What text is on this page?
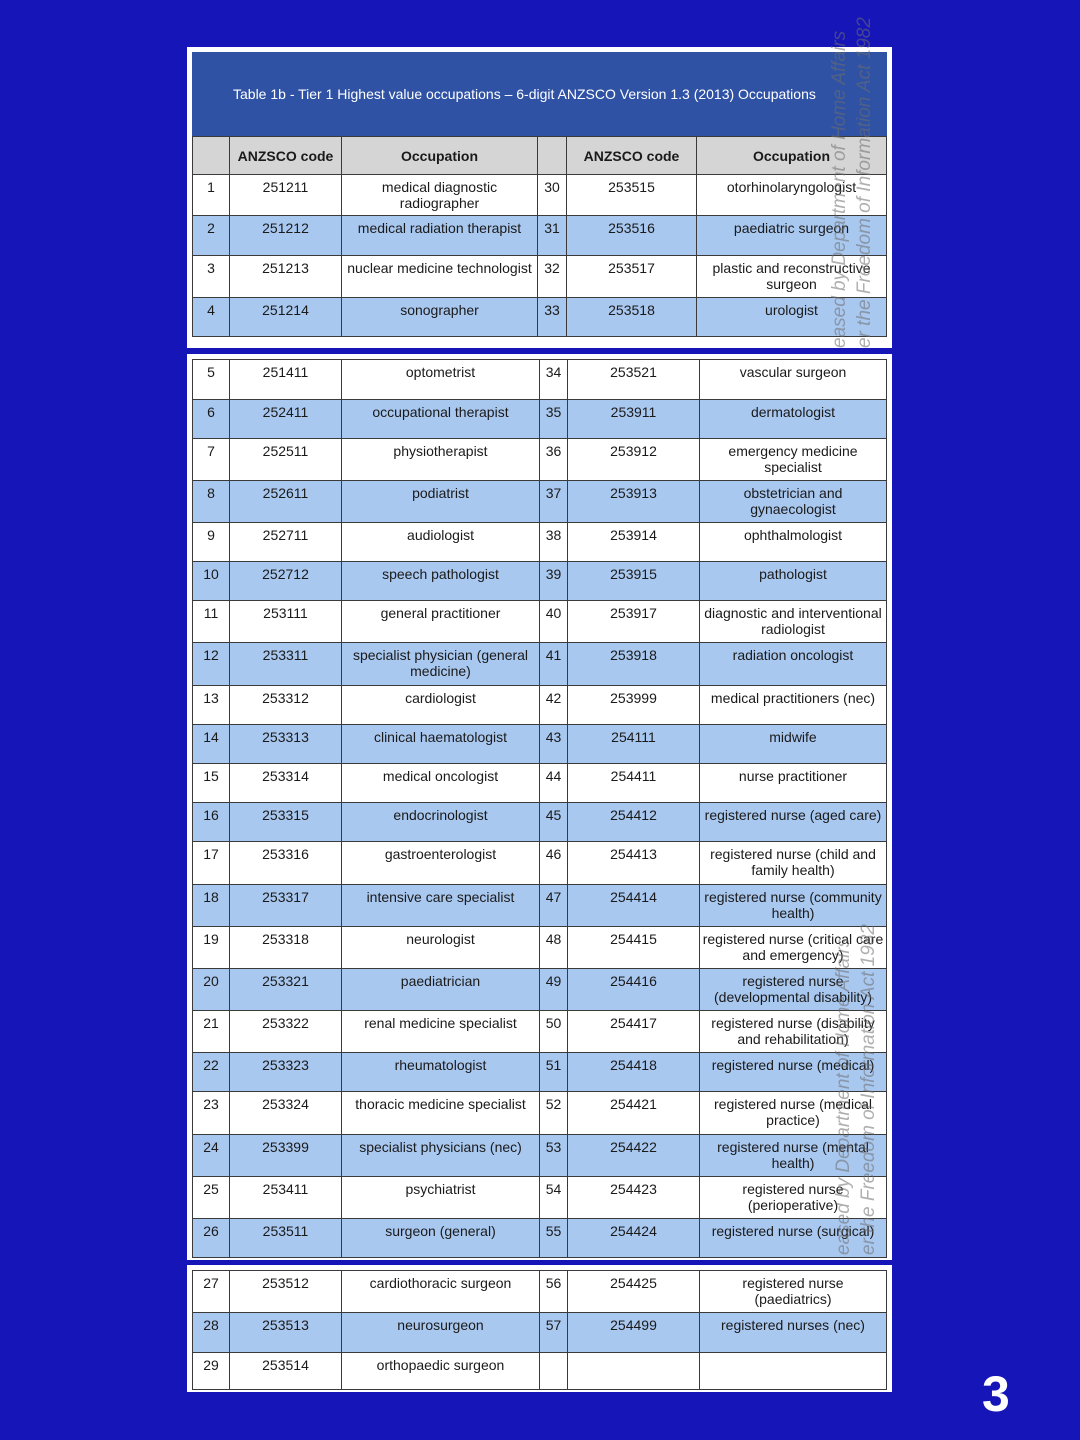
Table 1b - Tier 1 Highest value occupations – 6-digit ANZSCO Version 1.3 (2013) Occupations
	ANZSCO code	Occupation		ANZSCO code	Occupation
1	251211	medical diagnostic radiographer	30	253515	otorhinolaryngologist
2	251212	medical radiation therapist	31	253516	paediatric surgeon
3	251213	nuclear medicine technologist	32	253517	plastic and reconstructive surgeon
4	251214	sonographer	33	253518	urologist eased by Department of Home Affairs er the Freedom of Information Act 1982
5	251411	optometrist	34	253521	vascular surgeon
6	252411	occupational therapist	35	253911	dermatologist
7	252511	physiotherapist	36	253912	emergency medicine specialist
8	252611	podiatrist	37	253913	obstetrician and gynaecologist
9	252711	audiologist	38	253914	ophthalmologist
10	252712	speech pathologist	39	253915	pathologist
11	253111	general practitioner	40	253917	diagnostic and interventional radiologist
12	253311	specialist physician (general medicine)	41	253918	radiation oncologist
13	253312	cardiologist	42	253999	medical practitioners (nec)
14	253313	clinical haematologist	43	254111	midwife
15	253314	medical oncologist	44	254411	nurse practitioner
16	253315	endocrinologist	45	254412	registered nurse (aged care)
17	253316	gastroenterologist	46	254413	registered nurse (child and family health)
18	253317	intensive care specialist	47	254414	registered nurse (community health)
19	253318	neurologist	48	254415	registered nurse (critical care and emergency)
20	253321	paediatrician	49	254416	registered nurse (developmental disability)
21	253322	renal medicine specialist	50	254417	registered nurse (disability and rehabilitation)
22	253323	rheumatologist	51	254418	registered nurse (medical)
23	253324	thoracic medicine specialist	52	254421	registered nurse (medical practice)
24	253399	specialist physicians (nec)	53	254422	registered nurse (mental health)
25	253411	psychiatrist	54	254423	registered nurse (perioperative)
26	253511	surgeon (general)	55	254424	registered nurse (surgical)
eased by Department of Home Affairs er the Freedom of Information Act 1982
27	253512	cardiothoracic surgeon	56	254425	registered nurse (paediatrics)
28	253513	neurosurgeon	57	254499	registered nurses (nec)
29	253514	orthopaedic surgeon			
3
